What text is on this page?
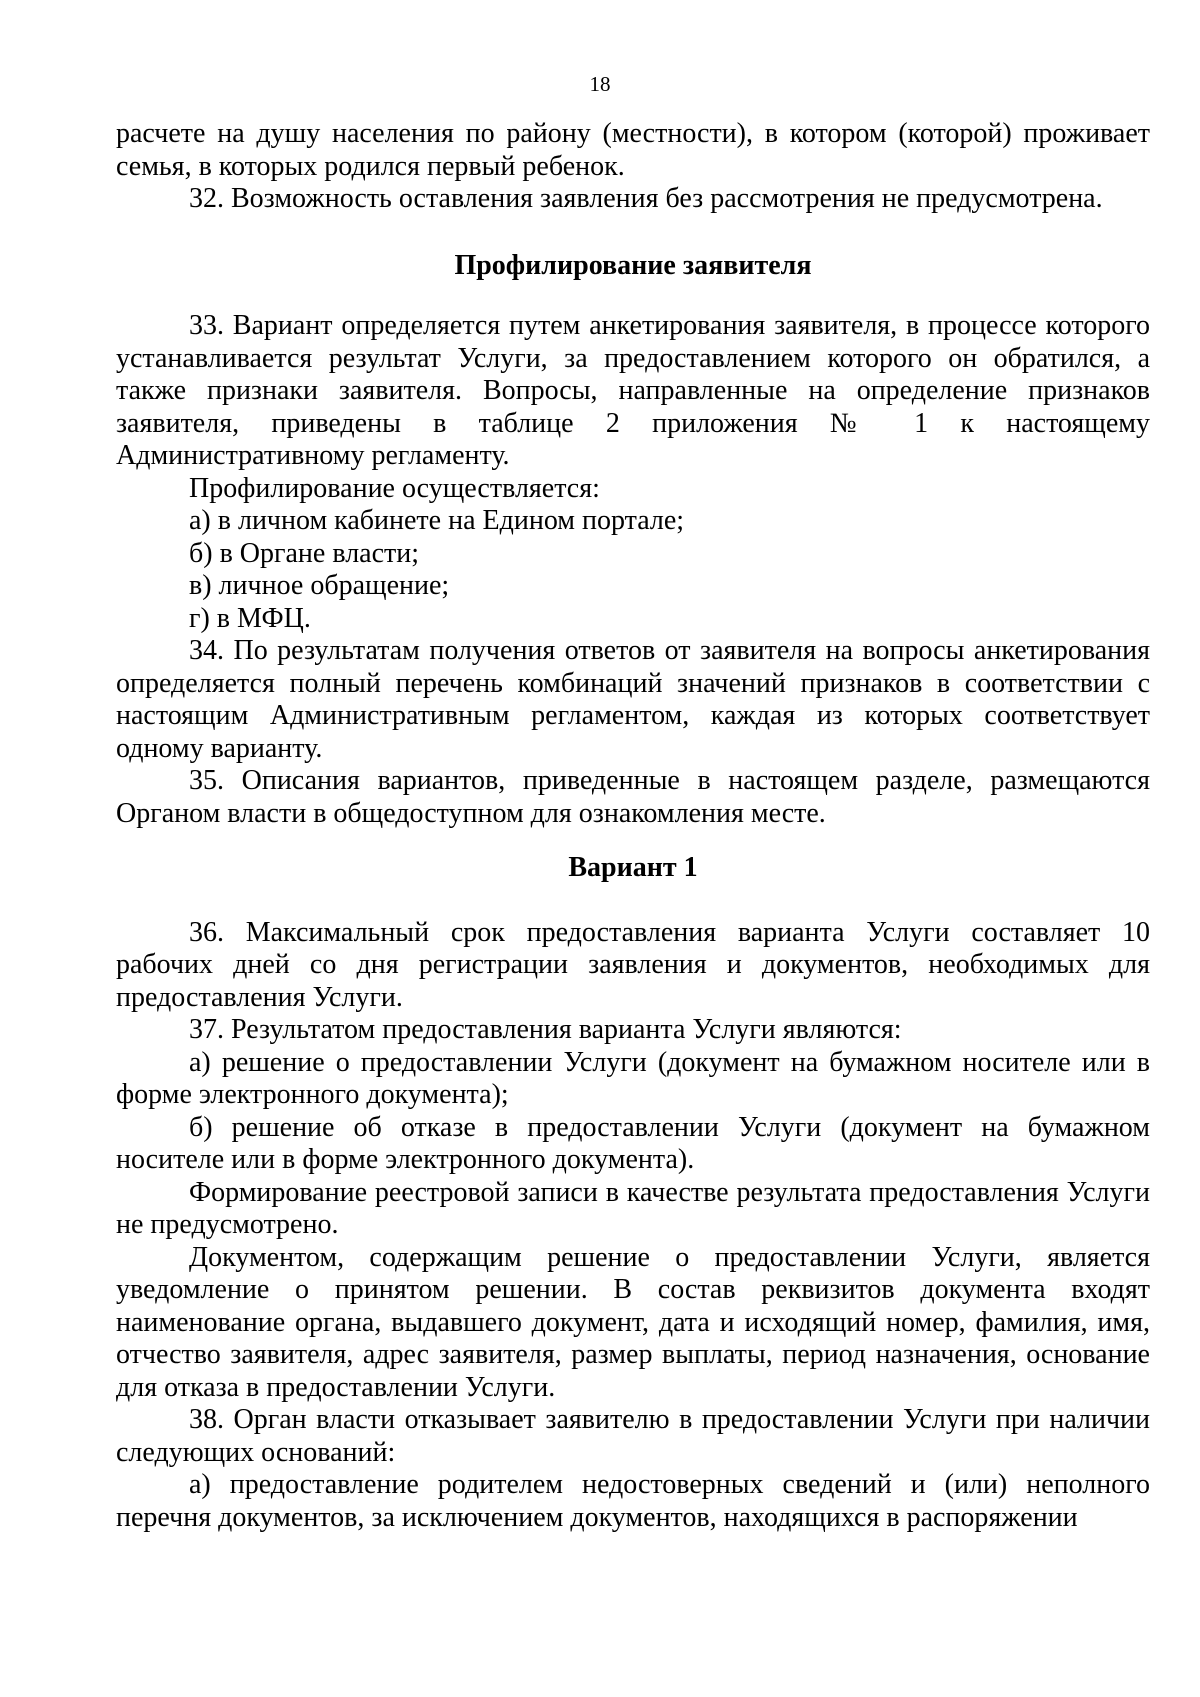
18

расчете на душу населения по району (местности), в котором (которой) проживает семья, в которых родился первый ребенок.

32. Возможность оставления заявления без рассмотрения не предусмотрена.

Профилирование заявителя

33. Вариант определяется путем анкетирования заявителя, в процессе которого устанавливается результат Услуги, за предоставлением которого он обратился, а также признаки заявителя. Вопросы, направленные на определение признаков заявителя, приведены в таблице 2 приложения № 1 к настоящему Административному регламенту.

Профилирование осуществляется:

а) в личном кабинете на Едином портале;

б) в Органе власти;

в) личное обращение;

г) в МФЦ.

34. По результатам получения ответов от заявителя на вопросы анкетирования определяется полный перечень комбинаций значений признаков в соответствии с настоящим Административным регламентом, каждая из которых соответствует одному варианту.

35. Описания вариантов, приведенные в настоящем разделе, размещаются Органом власти в общедоступном для ознакомления месте.

Вариант 1

36. Максимальный срок предоставления варианта Услуги составляет 10 рабочих дней со дня регистрации заявления и документов, необходимых для предоставления Услуги.

37. Результатом предоставления варианта Услуги являются:

а) решение о предоставлении Услуги (документ на бумажном носителе или в форме электронного документа);

б) решение об отказе в предоставлении Услуги (документ на бумажном носителе или в форме электронного документа).

Формирование реестровой записи в качестве результата предоставления Услуги не предусмотрено.

Документом, содержащим решение о предоставлении Услуги, является уведомление о принятом решении. В состав реквизитов документа входят наименование органа, выдавшего документ, дата и исходящий номер, фамилия, имя, отчество заявителя, адрес заявителя, размер выплаты, период назначения, основание для отказа в предоставлении Услуги.

38. Орган власти отказывает заявителю в предоставлении Услуги при наличии следующих оснований:

а) предоставление родителем недостоверных сведений и (или) неполного перечня документов, за исключением документов, находящихся в распоряжении
